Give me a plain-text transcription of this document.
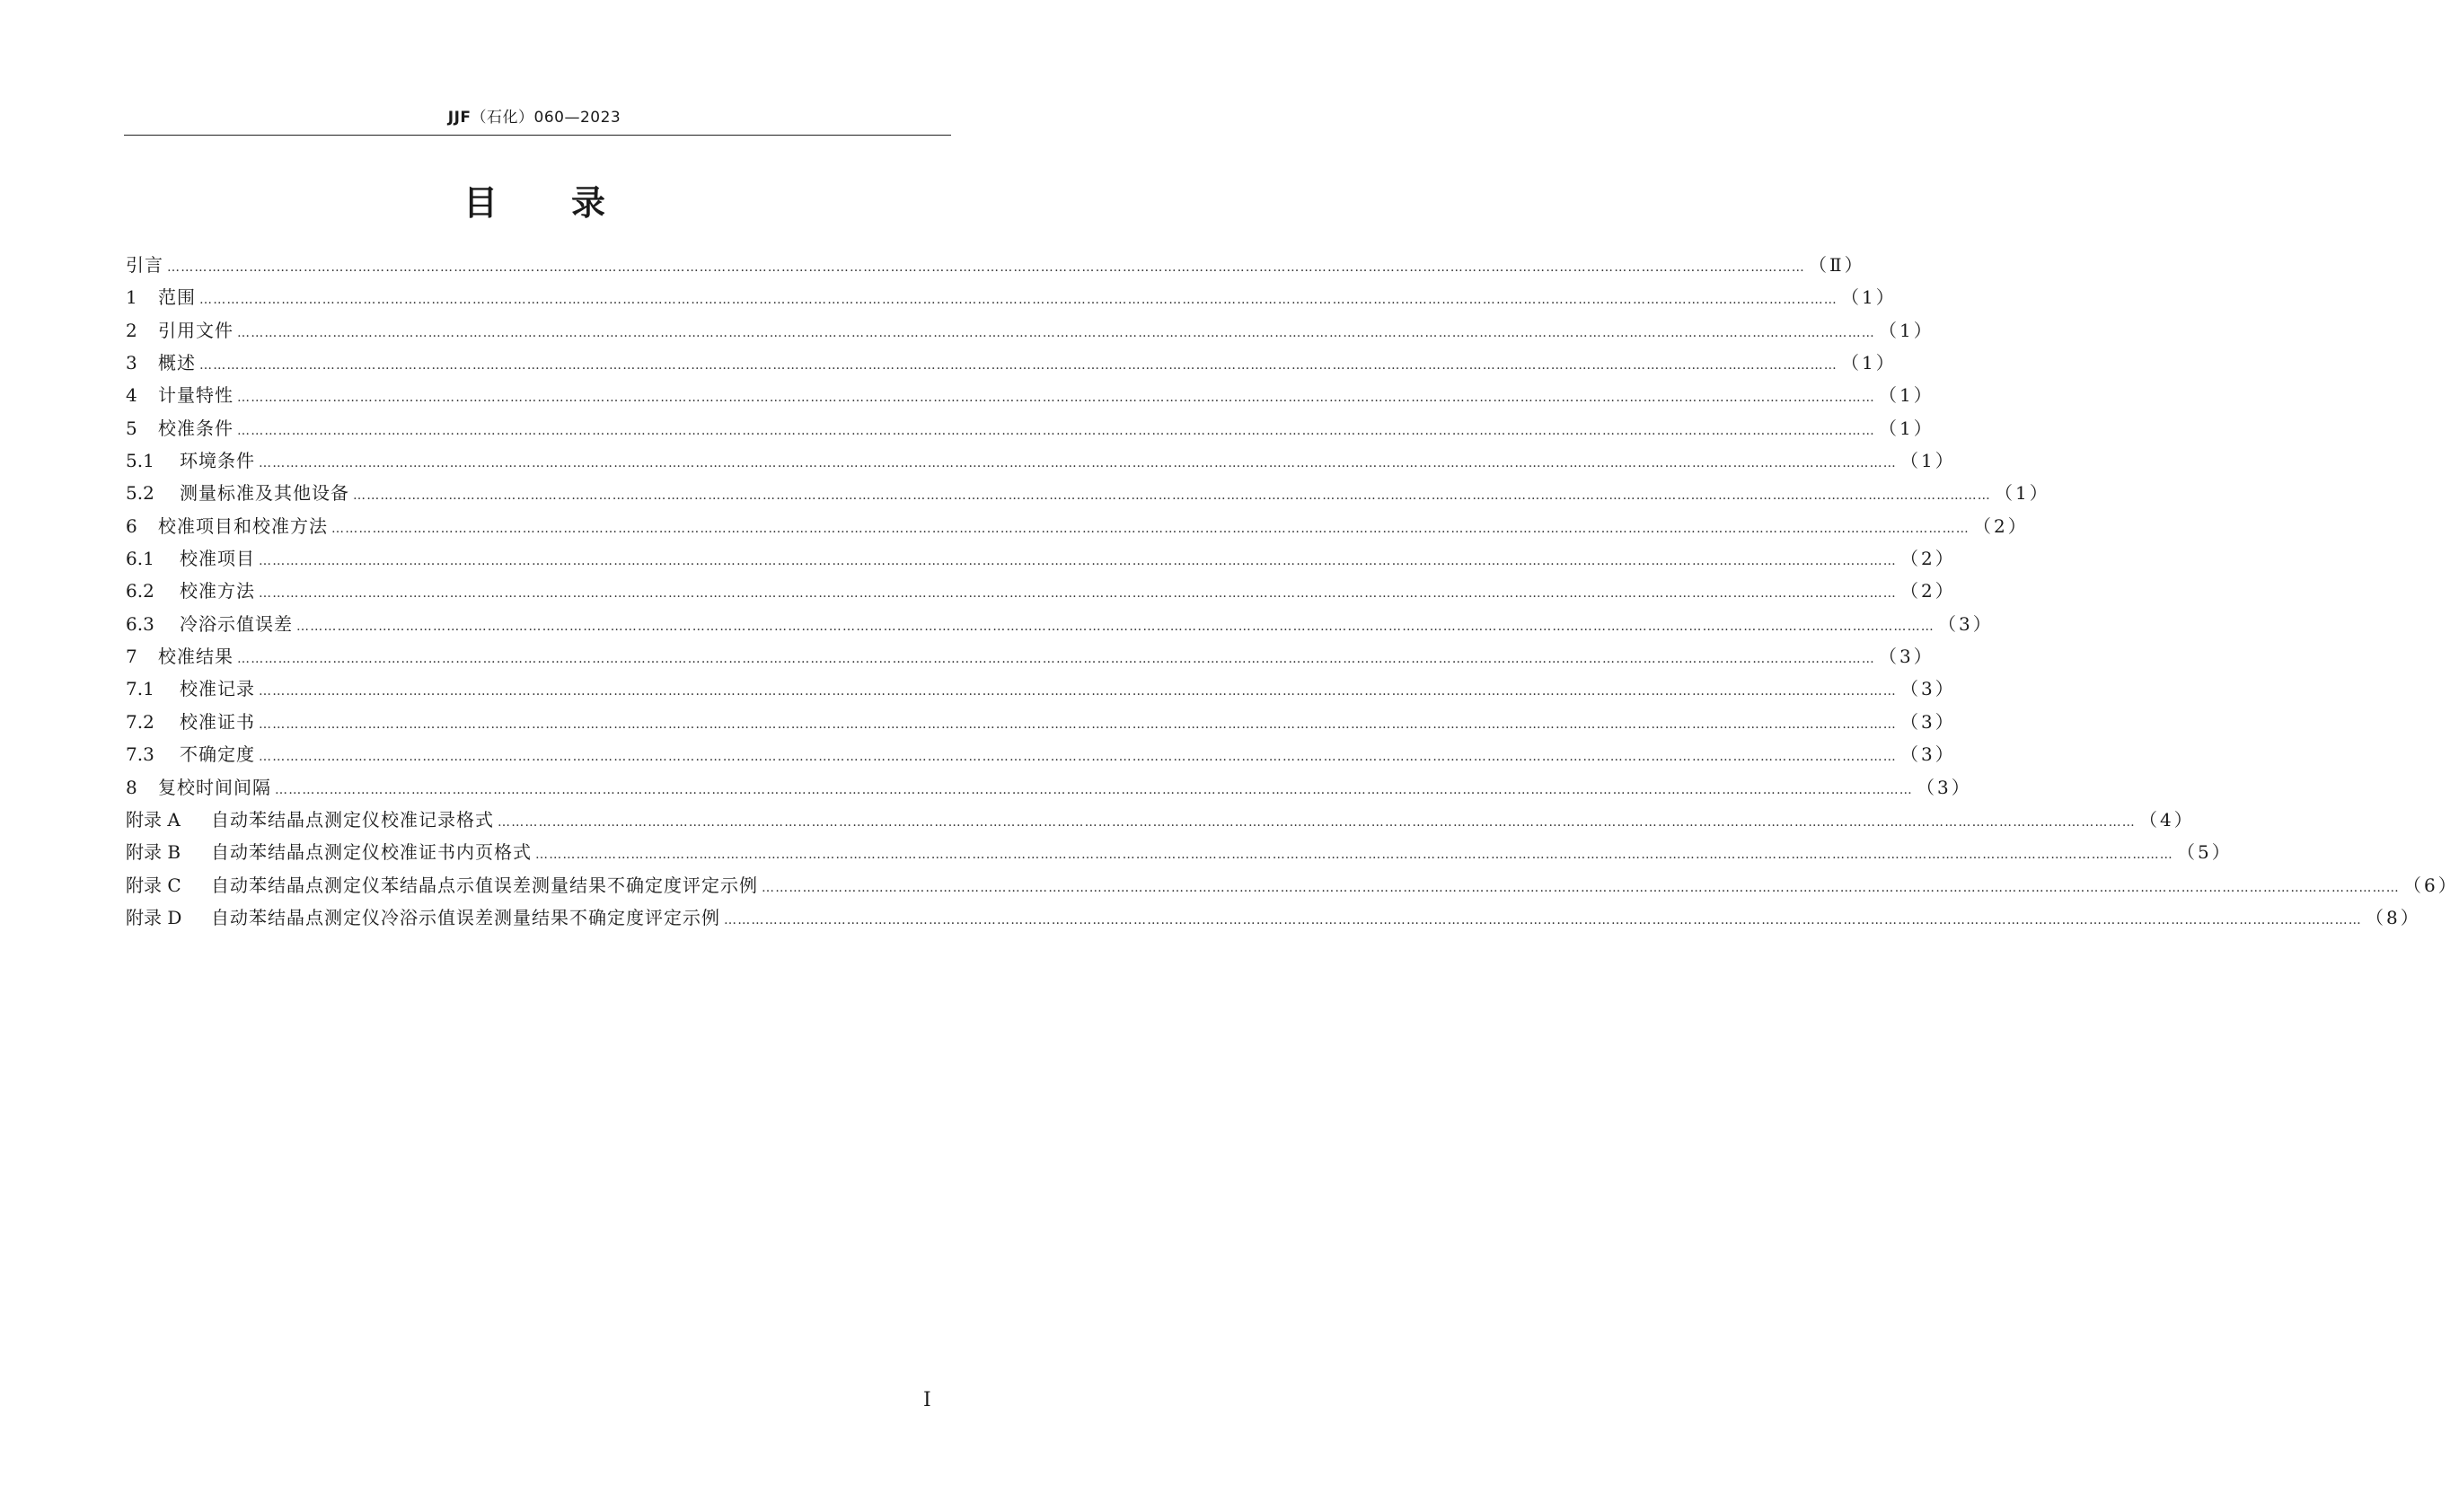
JJF（石化）060—2023
目 录
引言 ……………………………………………………………………………………………………………………………………………………………………………………………………………………………………………………………………………………………………………………………… （Ⅱ）
1	范围 ……………………………………………………………………………………………………………………………………………………………………………………………………………………………………………………………………………………………………………………………… （1）
2	引用文件 ……………………………………………………………………………………………………………………………………………………………………………………………………………………………………………………………………………………………………………………………… （1）
3	概述 ……………………………………………………………………………………………………………………………………………………………………………………………………………………………………………………………………………………………………………………………… （1）
4	计量特性 ……………………………………………………………………………………………………………………………………………………………………………………………………………………………………………………………………………………………………………………………… （1）
5	校准条件 ……………………………………………………………………………………………………………………………………………………………………………………………………………………………………………………………………………………………………………………………… （1）
5.1	环境条件 ……………………………………………………………………………………………………………………………………………………………………………………………………………………………………………………………………………………………………………………………… （1）
5.2	测量标准及其他设备 ……………………………………………………………………………………………………………………………………………………………………………………………………………………………………………………………………………………………………………………………… （1）
6	校准项目和校准方法 ……………………………………………………………………………………………………………………………………………………………………………………………………………………………………………………………………………………………………………………………… （2）
6.1	校准项目 ……………………………………………………………………………………………………………………………………………………………………………………………………………………………………………………………………………………………………………………………… （2）
6.2	校准方法 ……………………………………………………………………………………………………………………………………………………………………………………………………………………………………………………………………………………………………………………………… （2）
6.3	冷浴示值误差 ……………………………………………………………………………………………………………………………………………………………………………………………………………………………………………………………………………………………………………………………… （3）
7	校准结果 ……………………………………………………………………………………………………………………………………………………………………………………………………………………………………………………………………………………………………………………………… （3）
7.1	校准记录 ……………………………………………………………………………………………………………………………………………………………………………………………………………………………………………………………………………………………………………………………… （3）
7.2	校准证书 ……………………………………………………………………………………………………………………………………………………………………………………………………………………………………………………………………………………………………………………………… （3）
7.3	不确定度 ……………………………………………………………………………………………………………………………………………………………………………………………………………………………………………………………………………………………………………………………… （3）
8	复校时间间隔 ……………………………………………………………………………………………………………………………………………………………………………………………………………………………………………………………………………………………………………………………… （3）
附录 A	自动苯结晶点测定仪校准记录格式 ……………………………………………………………………………………………………………………………………………………………………………………………………………………………………………………………………………………………………………………………… （4）
附录 B	自动苯结晶点测定仪校准证书内页格式 ……………………………………………………………………………………………………………………………………………………………………………………………………………………………………………………………………………………………………………………………… （5）
附录 C	自动苯结晶点测定仪苯结晶点示值误差测量结果不确定度评定示例 ……………………………………………………………………………………………………………………………………………………………………………………………………………………………………………………………………………………………………………………………… （6）
附录 D	自动苯结晶点测定仪冷浴示值误差测量结果不确定度评定示例 ……………………………………………………………………………………………………………………………………………………………………………………………………………………………………………………………………………………………………………………………… （8）
Ⅰ
